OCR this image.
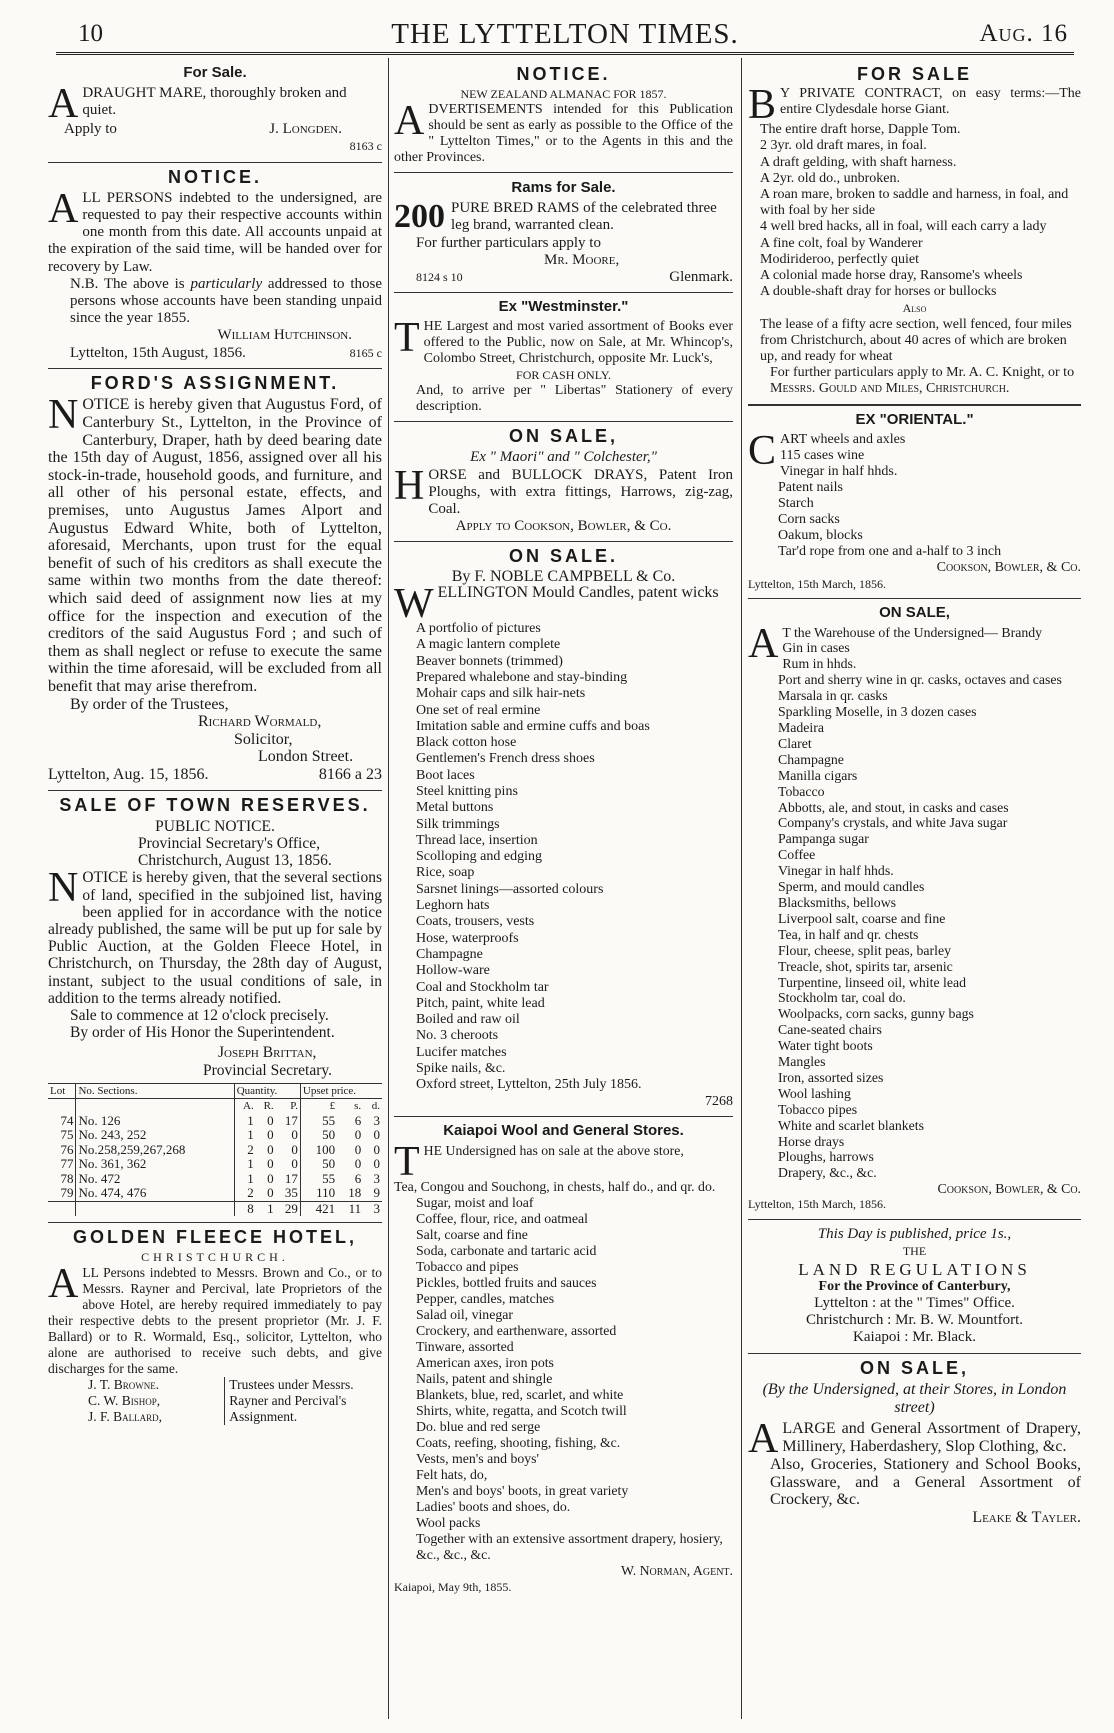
10	THE LYTTELTON TIMES.	Aug. 16
For Sale.

ADRAUGHT MARE, thoroughly broken and quiet.

Apply to	J. Longden.

8163 c

NOTICE.

ALL PERSONS indebted to the undersigned, are requested to pay their respective accounts within one month from this date. All accounts unpaid at the expiration of the said time, will be handed over for recovery by Law.

N.B. The above is particularly addressed to those persons whose accounts have been standing unpaid since the year 1855.

William Hutchinson.

Lyttelton, 15th August, 1856.	8165 c
FORD'S ASSIGNMENT.

NOTICE is hereby given that Augustus Ford, of Canterbury St., Lyttelton, in the Province of Canterbury, Draper, hath by deed bearing date the 15th day of August, 1856, assigned over all his stock-in-trade, household goods, and furniture, and all other of his personal estate, effects, and premises, unto Augustus James Alport and Augustus Edward White, both of Lyttelton, aforesaid, Merchants, upon trust for the equal benefit of such of his creditors as shall execute the same within two months from the date thereof: which said deed of assignment now lies at my office for the inspection and execution of the creditors of the said Augustus Ford ; and such of them as shall neglect or refuse to execute the same within the time aforesaid, will be excluded from all benefit that may arise therefrom.

By order of the Trustees,

Richard Wormald,

Solicitor,

London Street.

Lyttelton, Aug. 15, 1856.	8166 a 23
SALE OF TOWN RESERVES.

PUBLIC NOTICE.

Provincial Secretary's Office,

Christchurch, August 13, 1856.

NOTICE is hereby given, that the several sections of land, specified in the subjoined list, having been applied for in accordance with the notice already published, the same will be put up for sale by Public Auction, at the Golden Fleece Hotel, in Christchurch, on Thursday, the 28th day of August, instant, subject to the usual conditions of sale, in addition to the terms already notified.

Sale to commence at 12 o'clock precisely.

By order of His Honor the Superintendent.

Joseph Brittan,

Provincial Secretary.

Lot	No. Sections.	Quantity.			Upset price.		
		A.	R.	P.	£	s.	d.
74	No. 126	1	0	17	55	6	3
75	No. 243, 252	1	0	0	50	0	0
76	No.258,259,267,268	2	0	0	100	0	0
77	No. 361, 362	1	0	0	50	0	0
78	No. 472	1	0	17	55	6	3
79	No. 474, 476	2	0	35	110	18	9
		8	1	29	421	11	3
GOLDEN FLEECE HOTEL,

CHRISTCHURCH.

ALL Persons indebted to Messrs. Brown and Co., or to Messrs. Rayner and Percival, late Proprietors of the above Hotel, are hereby required immediately to pay their respective debts to the present proprietor (Mr. J. F. Ballard) or to R. Wormald, Esq., solicitor, Lyttelton, who alone are authorised to receive such debts, and give discharges for the same.

J. T. Browne.

C. W. Bishop,

J. F. Ballard,

Trustees under Messrs.

Rayner and Percival's

Assignment.

NOTICE.

NEW ZEALAND ALMANAC FOR 1857.

ADVERTISEMENTS intended for this Publication should be sent as early as possible to the Office of the " Lyttelton Times," or to the Agents in this and the other Provinces.

Rams for Sale.

200 PURE BRED RAMS of the celebrated three leg brand, warranted clean.

For further particulars apply to

Mr. Moore,

8124 s 10	Glenmark.
Ex "Westminster."

THE Largest and most varied assortment of Books ever offered to the Public, now on Sale, at Mr. Whincop's, Colombo Street, Christchurch, opposite Mr. Luck's,

FOR CASH ONLY.

And, to arrive per " Libertas" Stationery of every description.

ON SALE,

Ex " Maori" and " Colchester,"

HORSE and BULLOCK DRAYS, Patent Iron Ploughs, with extra fittings, Harrows, zig-zag, Coal.

Apply to Cookson, Bowler, & Co.

ON SALE.

By F. NOBLE CAMPBELL & Co.

WELLINGTON Mould Candles, patent wicks

A portfolio of pictures

A magic lantern complete

Beaver bonnets (trimmed)

Prepared whalebone and stay-binding

Mohair caps and silk hair-nets

One set of real ermine

Imitation sable and ermine cuffs and boas

Black cotton hose

Gentlemen's French dress shoes

Boot laces

Steel knitting pins

Metal buttons

Silk trimmings

Thread lace, insertion

Scolloping and edging

Rice, soap

Sarsnet linings—assorted colours

Leghorn hats

Coats, trousers, vests

Hose, waterproofs

Champagne

Hollow-ware

Coal and Stockholm tar

Pitch, paint, white lead

Boiled and raw oil

No. 3 cheroots

Lucifer matches

Spike nails, &c.

Oxford street, Lyttelton, 25th July 1856.

7268

Kaiapoi Wool and General Stores.

THE Undersigned has on sale at the above store,

Tea, Congou and Souchong, in chests, half do., and qr. do.

Sugar, moist and loaf

Coffee, flour, rice, and oatmeal

Salt, coarse and fine

Soda, carbonate and tartaric acid

Tobacco and pipes

Pickles, bottled fruits and sauces

Pepper, candles, matches

Salad oil, vinegar

Crockery, and earthenware, assorted

Tinware, assorted

American axes, iron pots

Nails, patent and shingle

Blankets, blue, red, scarlet, and white

Shirts, white, regatta, and Scotch twill

Do. blue and red serge

Coats, reefing, shooting, fishing, &c.

Vests, men's and boys'

Felt hats, do,

Men's and boys' boots, in great variety

Ladies' boots and shoes, do.

Wool packs

Together with an extensive assortment drapery, hosiery, &c., &c., &c.

W. Norman, Agent.

Kaiapoi, May 9th, 1855.

FOR SALE

B Y PRIVATE CONTRACT, on easy terms:—The entire Clydesdale horse Giant.

The entire draft horse, Dapple Tom.

2 3yr. old draft mares, in foal.

A draft gelding, with shaft harness.

A 2yr. old do., unbroken.

A roan mare, broken to saddle and harness, in foal, and with foal by her side

4 well bred hacks, all in foal, will each carry a lady

A fine colt, foal by Wanderer

Modirideroo, perfectly quiet

A colonial made horse dray, Ransome's wheels

A double-shaft dray for horses or bullocks

Also

The lease of a fifty acre section, well fenced, four miles from Christchurch, about 40 acres of which are broken up, and ready for wheat

For further particulars apply to Mr. A. C. Knight, or to

Messrs. Gould and Miles, Christchurch.

EX "ORIENTAL."

CART wheels and axles

115 cases wine

Vinegar in half hhds.

Patent nails

Starch

Corn sacks

Oakum, blocks

Tar'd rope from one and a-half to 3 inch

Cookson, Bowler, & Co.

Lyttelton, 15th March, 1856.

ON SALE,

A T the Warehouse of the Undersigned— Brandy

Gin in cases

Rum in hhds.

Port and sherry wine in qr. casks, octaves and cases

Marsala in qr. casks

Sparkling Moselle, in 3 dozen cases

Madeira

Claret

Champagne

Manilla cigars

Tobacco

Abbotts, ale, and stout, in casks and cases

Company's crystals, and white Java sugar

Pampanga sugar

Coffee

Vinegar in half hhds.

Sperm, and mould candles

Blacksmiths, bellows

Liverpool salt, coarse and fine

Tea, in half and qr. chests

Flour, cheese, split peas, barley

Treacle, shot, spirits tar, arsenic

Turpentine, linseed oil, white lead

Stockholm tar, coal do.

Woolpacks, corn sacks, gunny bags

Cane-seated chairs

Water tight boots

Mangles

Iron, assorted sizes

Wool lashing

Tobacco pipes

White and scarlet blankets

Horse drays

Ploughs, harrows

Drapery, &c., &c.

Cookson, Bowler, & Co.

Lyttelton, 15th March, 1856.

This Day is published, price 1s.,

THE

LAND REGULATIONS

For the Province of Canterbury,

Lyttelton : at the " Times" Office.

Christchurch : Mr. B. W. Mountfort.

Kaiapoi : Mr. Black.

ON SALE,

(By the Undersigned, at their Stores, in London street)

ALARGE and General Assortment of Drapery, Millinery, Haberdashery, Slop Clothing, &c.

Also, Groceries, Stationery and School Books, Glassware, and a General Assortment of Crockery, &c.

Leake & Tayler.
